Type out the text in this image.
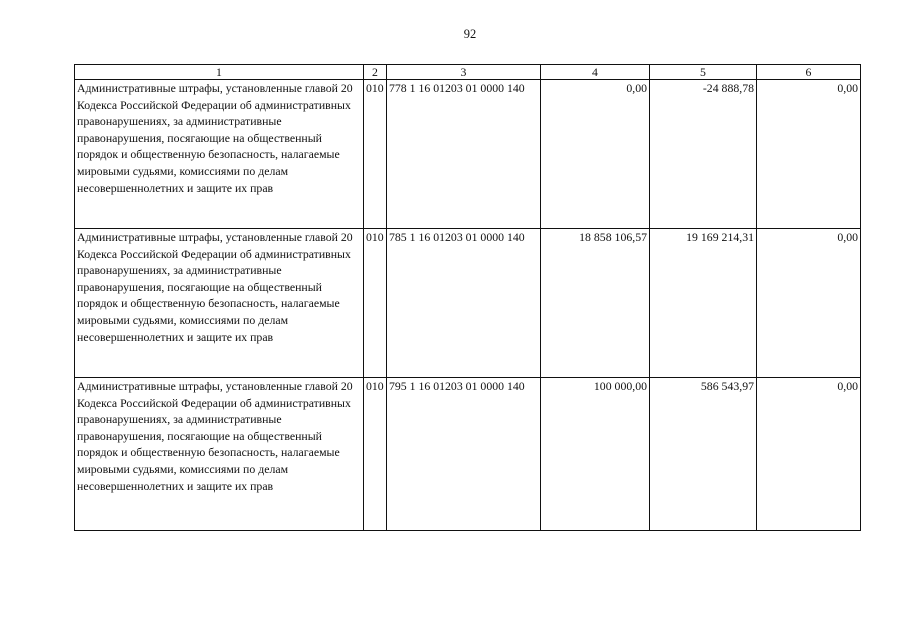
92
1	2	3	4	5	6
Административные штрафы, установленные главой 20 Кодекса Российской Федерации об административных правонарушениях, за административные правонарушения, посягающие на общественный порядок и общественную безопасность, налагаемые мировыми судьями, комиссиями по делам несовершеннолетних и защите их прав	010	778 1 16 01203 01 0000 140	0,00	-24 888,78	0,00
Административные штрафы, установленные главой 20 Кодекса Российской Федерации об административных правонарушениях, за административные правонарушения, посягающие на общественный порядок и общественную безопасность, налагаемые мировыми судьями, комиссиями по делам несовершеннолетних и защите их прав	010	785 1 16 01203 01 0000 140	18 858 106,57	19 169 214,31	0,00
Административные штрафы, установленные главой 20 Кодекса Российской Федерации об административных правонарушениях, за административные правонарушения, посягающие на общественный порядок и общественную безопасность, налагаемые мировыми судьями, комиссиями по делам несовершеннолетних и защите их прав	010	795 1 16 01203 01 0000 140	100 000,00	586 543,97	0,00
